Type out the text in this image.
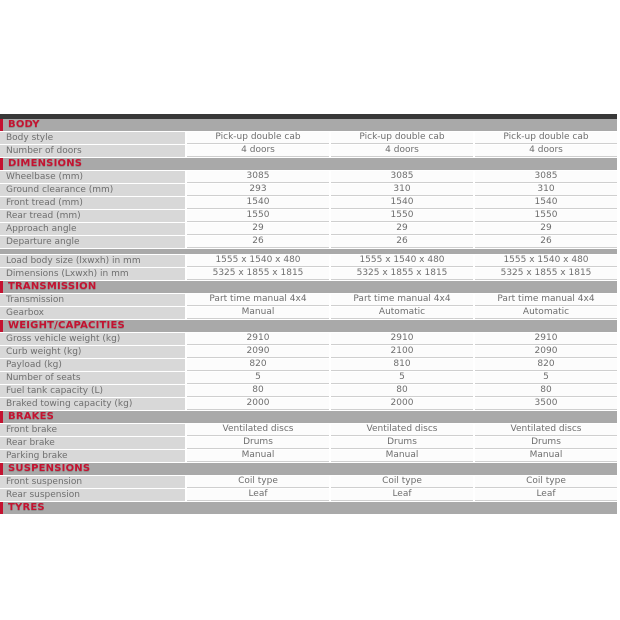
BODY
Body style	Pick-up double cab	Pick-up double cab	Pick-up double cab
Number of doors	4 doors	4 doors	4 doors
DIMENSIONS
Wheelbase (mm)	3085	3085	3085
Ground clearance (mm)	293	310	310
Front tread (mm)	1540	1540	1540
Rear tread (mm)	1550	1550	1550
Approach angle	29	29	29
Departure angle	26	26	26
Load body size (lxwxh) in mm	1555 x 1540 x 480	1555 x 1540 x 480	1555 x 1540 x 480
Dimensions (Lxwxh) in mm	5325 x 1855 x 1815	5325 x 1855 x 1815	5325 x 1855 x 1815
TRANSMISSION
Transmission	Part time manual 4x4	Part time manual 4x4	Part time manual 4x4
Gearbox	Manual	Automatic	Automatic
WEIGHT/CAPACITIES
Gross vehicle weight (kg)	2910	2910	2910
Curb weight (kg)	2090	2100	2090
Payload (kg)	820	810	820
Number of seats	5	5	5
Fuel tank capacity (L)	80	80	80
Braked towing capacity (kg)	2000	2000	3500
BRAKES
Front brake	Ventilated discs	Ventilated discs	Ventilated discs
Rear brake	Drums	Drums	Drums
Parking brake	Manual	Manual	Manual
SUSPENSIONS
Front suspension	Coil type	Coil type	Coil type
Rear suspension	Leaf	Leaf	Leaf
TYRES
